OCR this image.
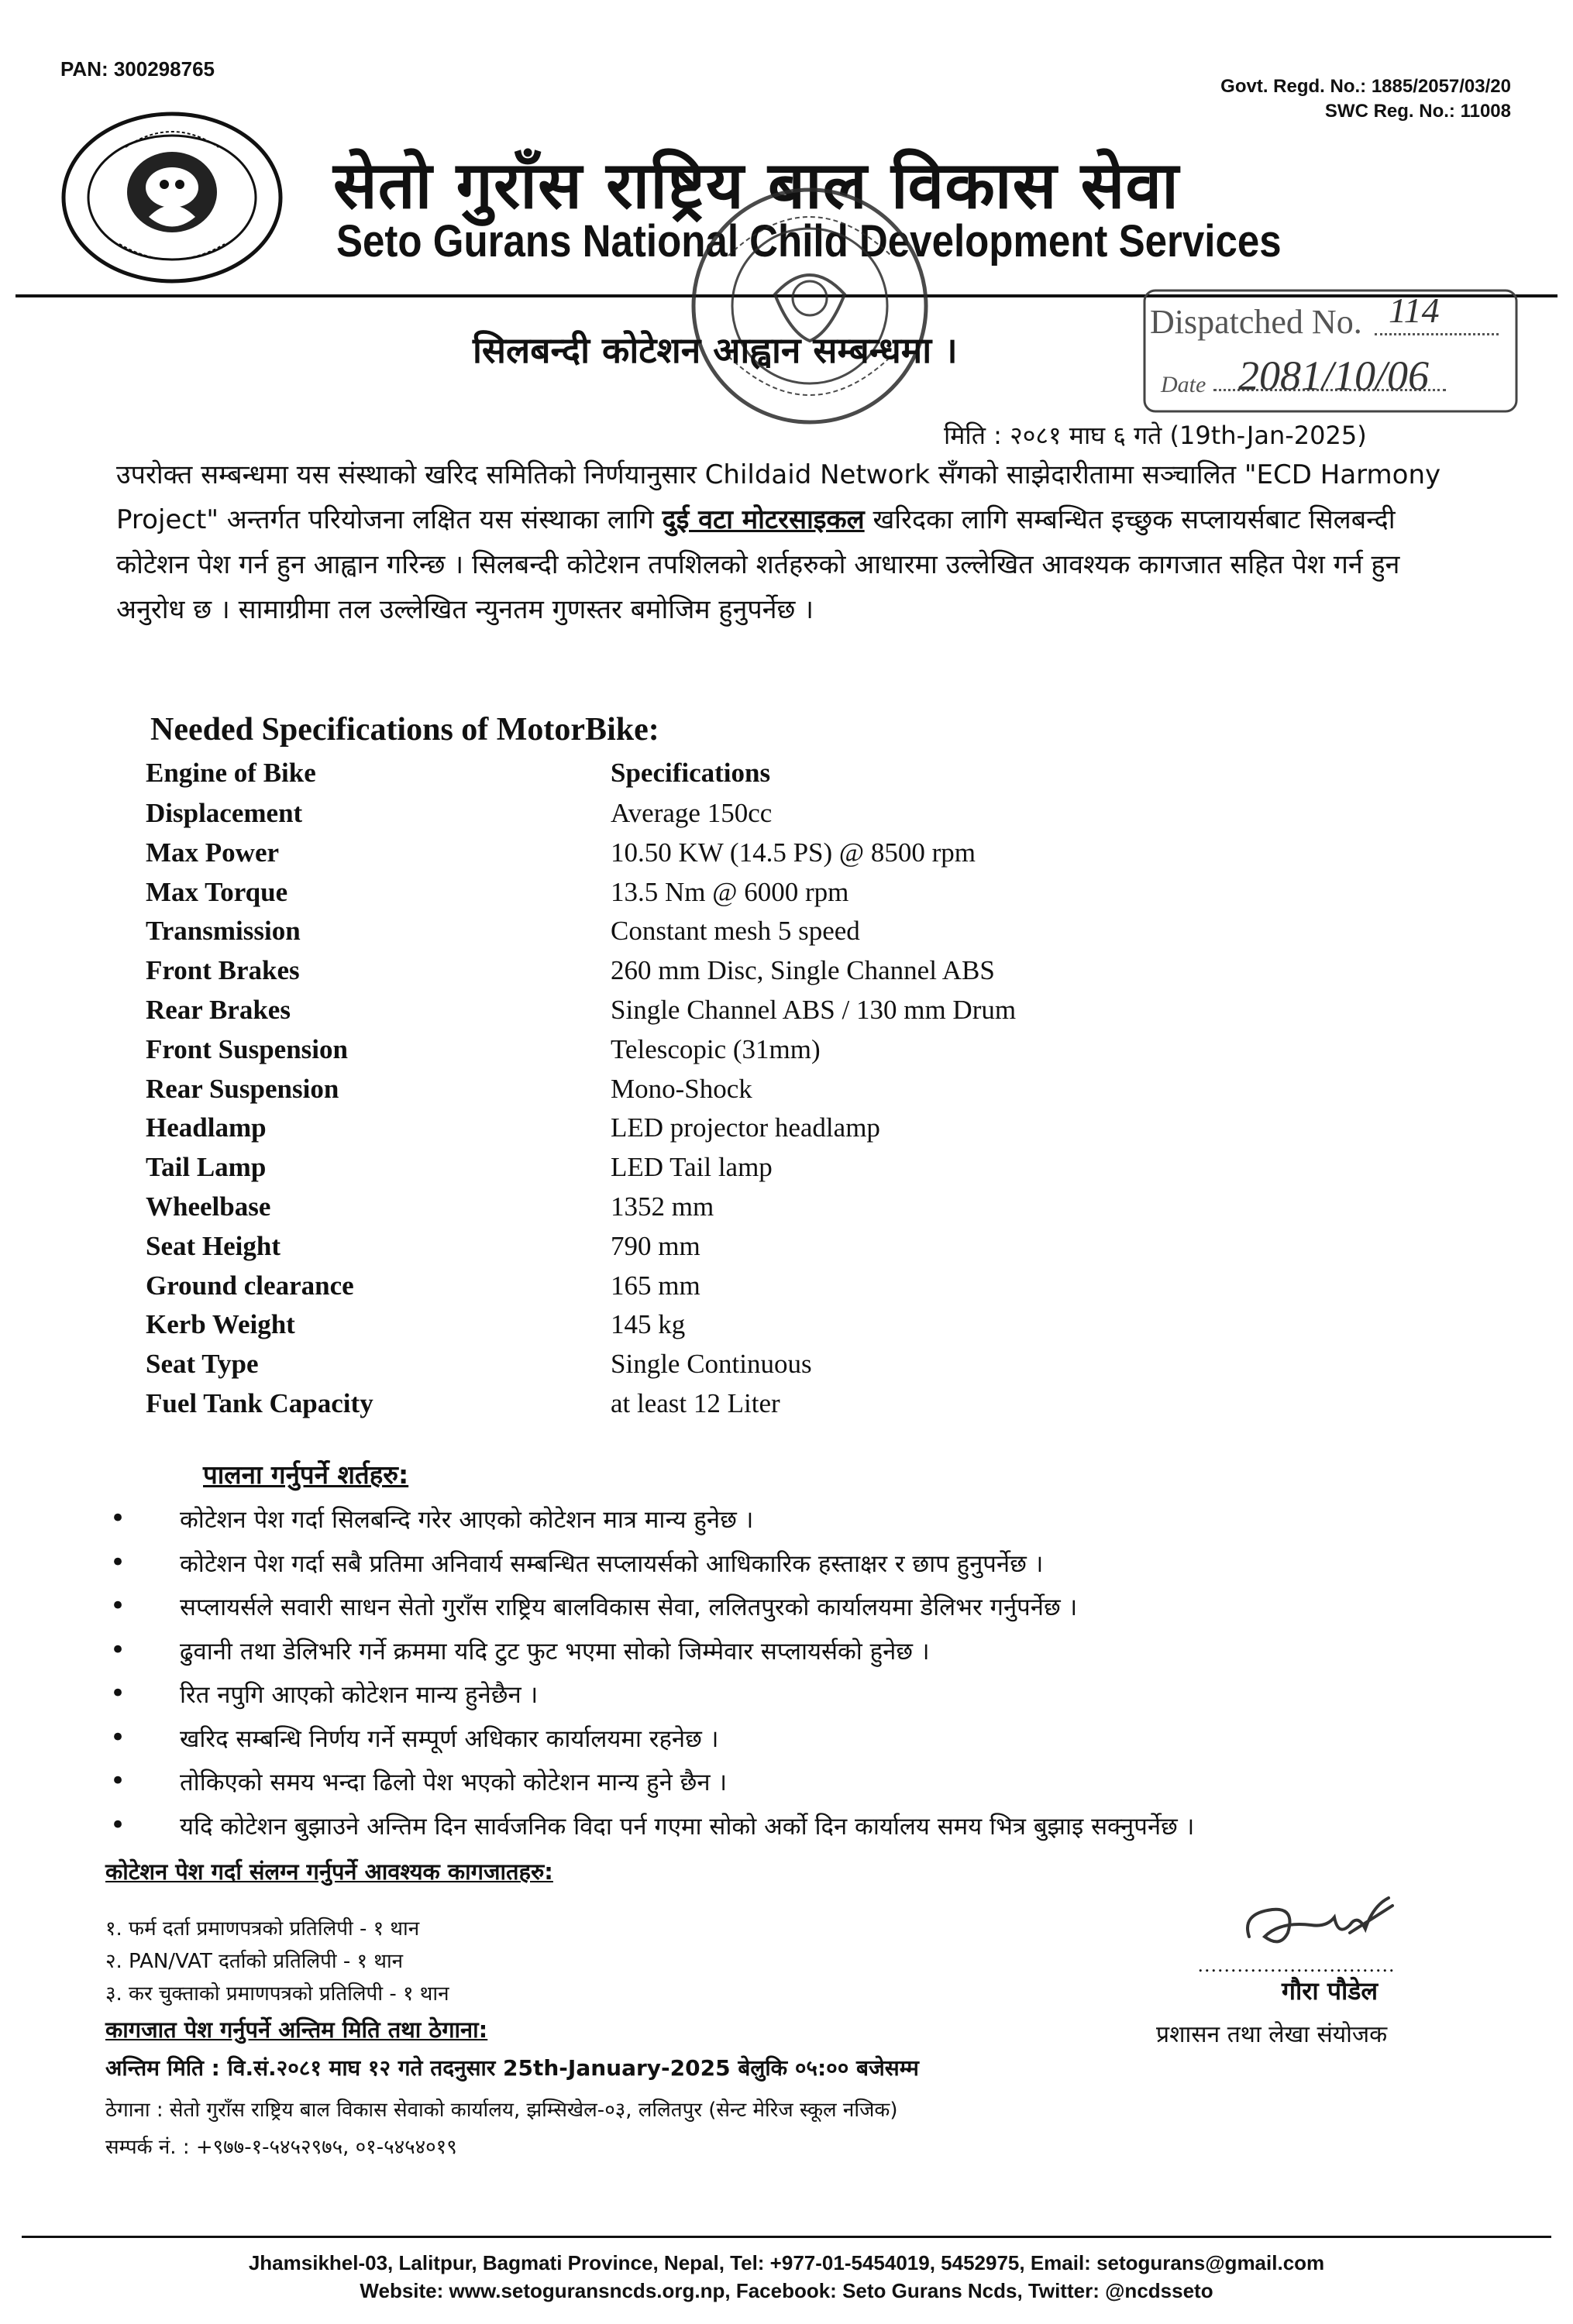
PAN: 300298765
Govt. Regd. No.: 1885/2057/03/20
SWC Reg. No.: 11008
सेतो गुराँस राष्ट्रिय बाल विकास सेवा
Seto Gurans National Child Development Services
Dispatched No. 114
Date 2081/10/06
सिलबन्दी कोटेशन आह्वान सम्बन्धमा ।
मिति : २०८१ माघ ६ गते (19th-Jan-2025)
उपरोक्त सम्बन्धमा यस संस्थाको खरिद समितिको निर्णयानुसार Childaid Network सँगको साझेदारीतामा सञ्चालित "ECD Harmony Project" अन्तर्गत परियोजना लक्षित यस संस्थाका लागि दुई वटा मोटरसाइकल खरिदका लागि सम्बन्धित इच्छुक सप्लायर्सबाट सिलबन्दी कोटेशन पेश गर्न हुन आह्वान गरिन्छ । सिलबन्दी कोटेशन तपशिलको शर्तहरुको आधारमा उल्लेखित आवश्यक कागजात सहित पेश गर्न हुन अनुरोध छ । सामाग्रीमा तल उल्लेखित न्युनतम गुणस्तर बमोजिम हुनुपर्नेछ ।
Needed Specifications of MotorBike:
Engine of Bike	Specifications
Displacement	Average 150cc
Max Power	10.50 KW (14.5 PS) @ 8500 rpm
Max Torque	13.5 Nm @ 6000 rpm
Transmission	Constant mesh 5 speed
Front Brakes	260 mm Disc, Single Channel ABS
Rear Brakes	Single Channel ABS / 130 mm Drum
Front Suspension	Telescopic (31mm)
Rear Suspension	Mono-Shock
Headlamp	LED projector headlamp
Tail Lamp	LED Tail lamp
Wheelbase	1352 mm
Seat Height	790 mm
Ground clearance	165 mm
Kerb Weight	145 kg
Seat Type	Single Continuous
Fuel Tank Capacity	at least 12 Liter
पालना गर्नुपर्ने शर्तहरु:
• कोटेशन पेश गर्दा सिलबन्दि गरेर आएको कोटेशन मात्र मान्य हुनेछ ।
• कोटेशन पेश गर्दा सबै प्रतिमा अनिवार्य सम्बन्धित सप्लायर्सको आधिकारिक हस्ताक्षर र छाप हुनुपर्नेछ ।
• सप्लायर्सले सवारी साधन सेतो गुराँस राष्ट्रिय बालविकास सेवा, ललितपुरको कार्यालयमा डेलिभर गर्नुपर्नेछ ।
• ढुवानी तथा डेलिभरि गर्ने क्रममा यदि टुट फुट भएमा सोको जिम्मेवार सप्लायर्सको हुनेछ ।
• रित नपुगि आएको कोटेशन मान्य हुनेछैन ।
• खरिद सम्बन्धि निर्णय गर्ने सम्पूर्ण अधिकार कार्यालयमा रहनेछ ।
• तोकिएको समय भन्दा ढिलो पेश भएको कोटेशन मान्य हुने छैन ।
• यदि कोटेशन बुझाउने अन्तिम दिन सार्वजनिक विदा पर्न गएमा सोको अर्को दिन कार्यालय समय भित्र बुझाइ सक्नुपर्नेछ ।
कोटेशन पेश गर्दा संलग्न गर्नुपर्ने आवश्यक कागजातहरु:
१. फर्म दर्ता प्रमाणपत्रको प्रतिलिपी - १ थान
२. PAN/VAT दर्ताको प्रतिलिपी - १ थान
३. कर चुक्ताको प्रमाणपत्रको प्रतिलिपी - १ थान
कागजात पेश गर्नुपर्ने अन्तिम मिति तथा ठेगाना:
अन्तिम मिति : वि.सं.२०८१ माघ १२ गते तदनुसार 25th-January-2025 बेलुकि ०५:०० बजेसम्म
ठेगाना : सेतो गुराँस राष्ट्रिय बाल विकास सेवाको कार्यालय, झम्सिखेल-०३, ललितपुर (सेन्ट मेरिज स्कूल नजिक)
सम्पर्क नं. : +९७७-१-५४५२९७५, ०१-५४५४०१९
..............................
गौरा पौडेल
प्रशासन तथा लेखा संयोजक
Jhamsikhel-03, Lalitpur, Bagmati Province, Nepal, Tel: +977-01-5454019, 5452975, Email: setogurans@gmail.com
Website: www.setoguransncds.org.np, Facebook: Seto Gurans Ncds, Twitter: @ncdsseto
